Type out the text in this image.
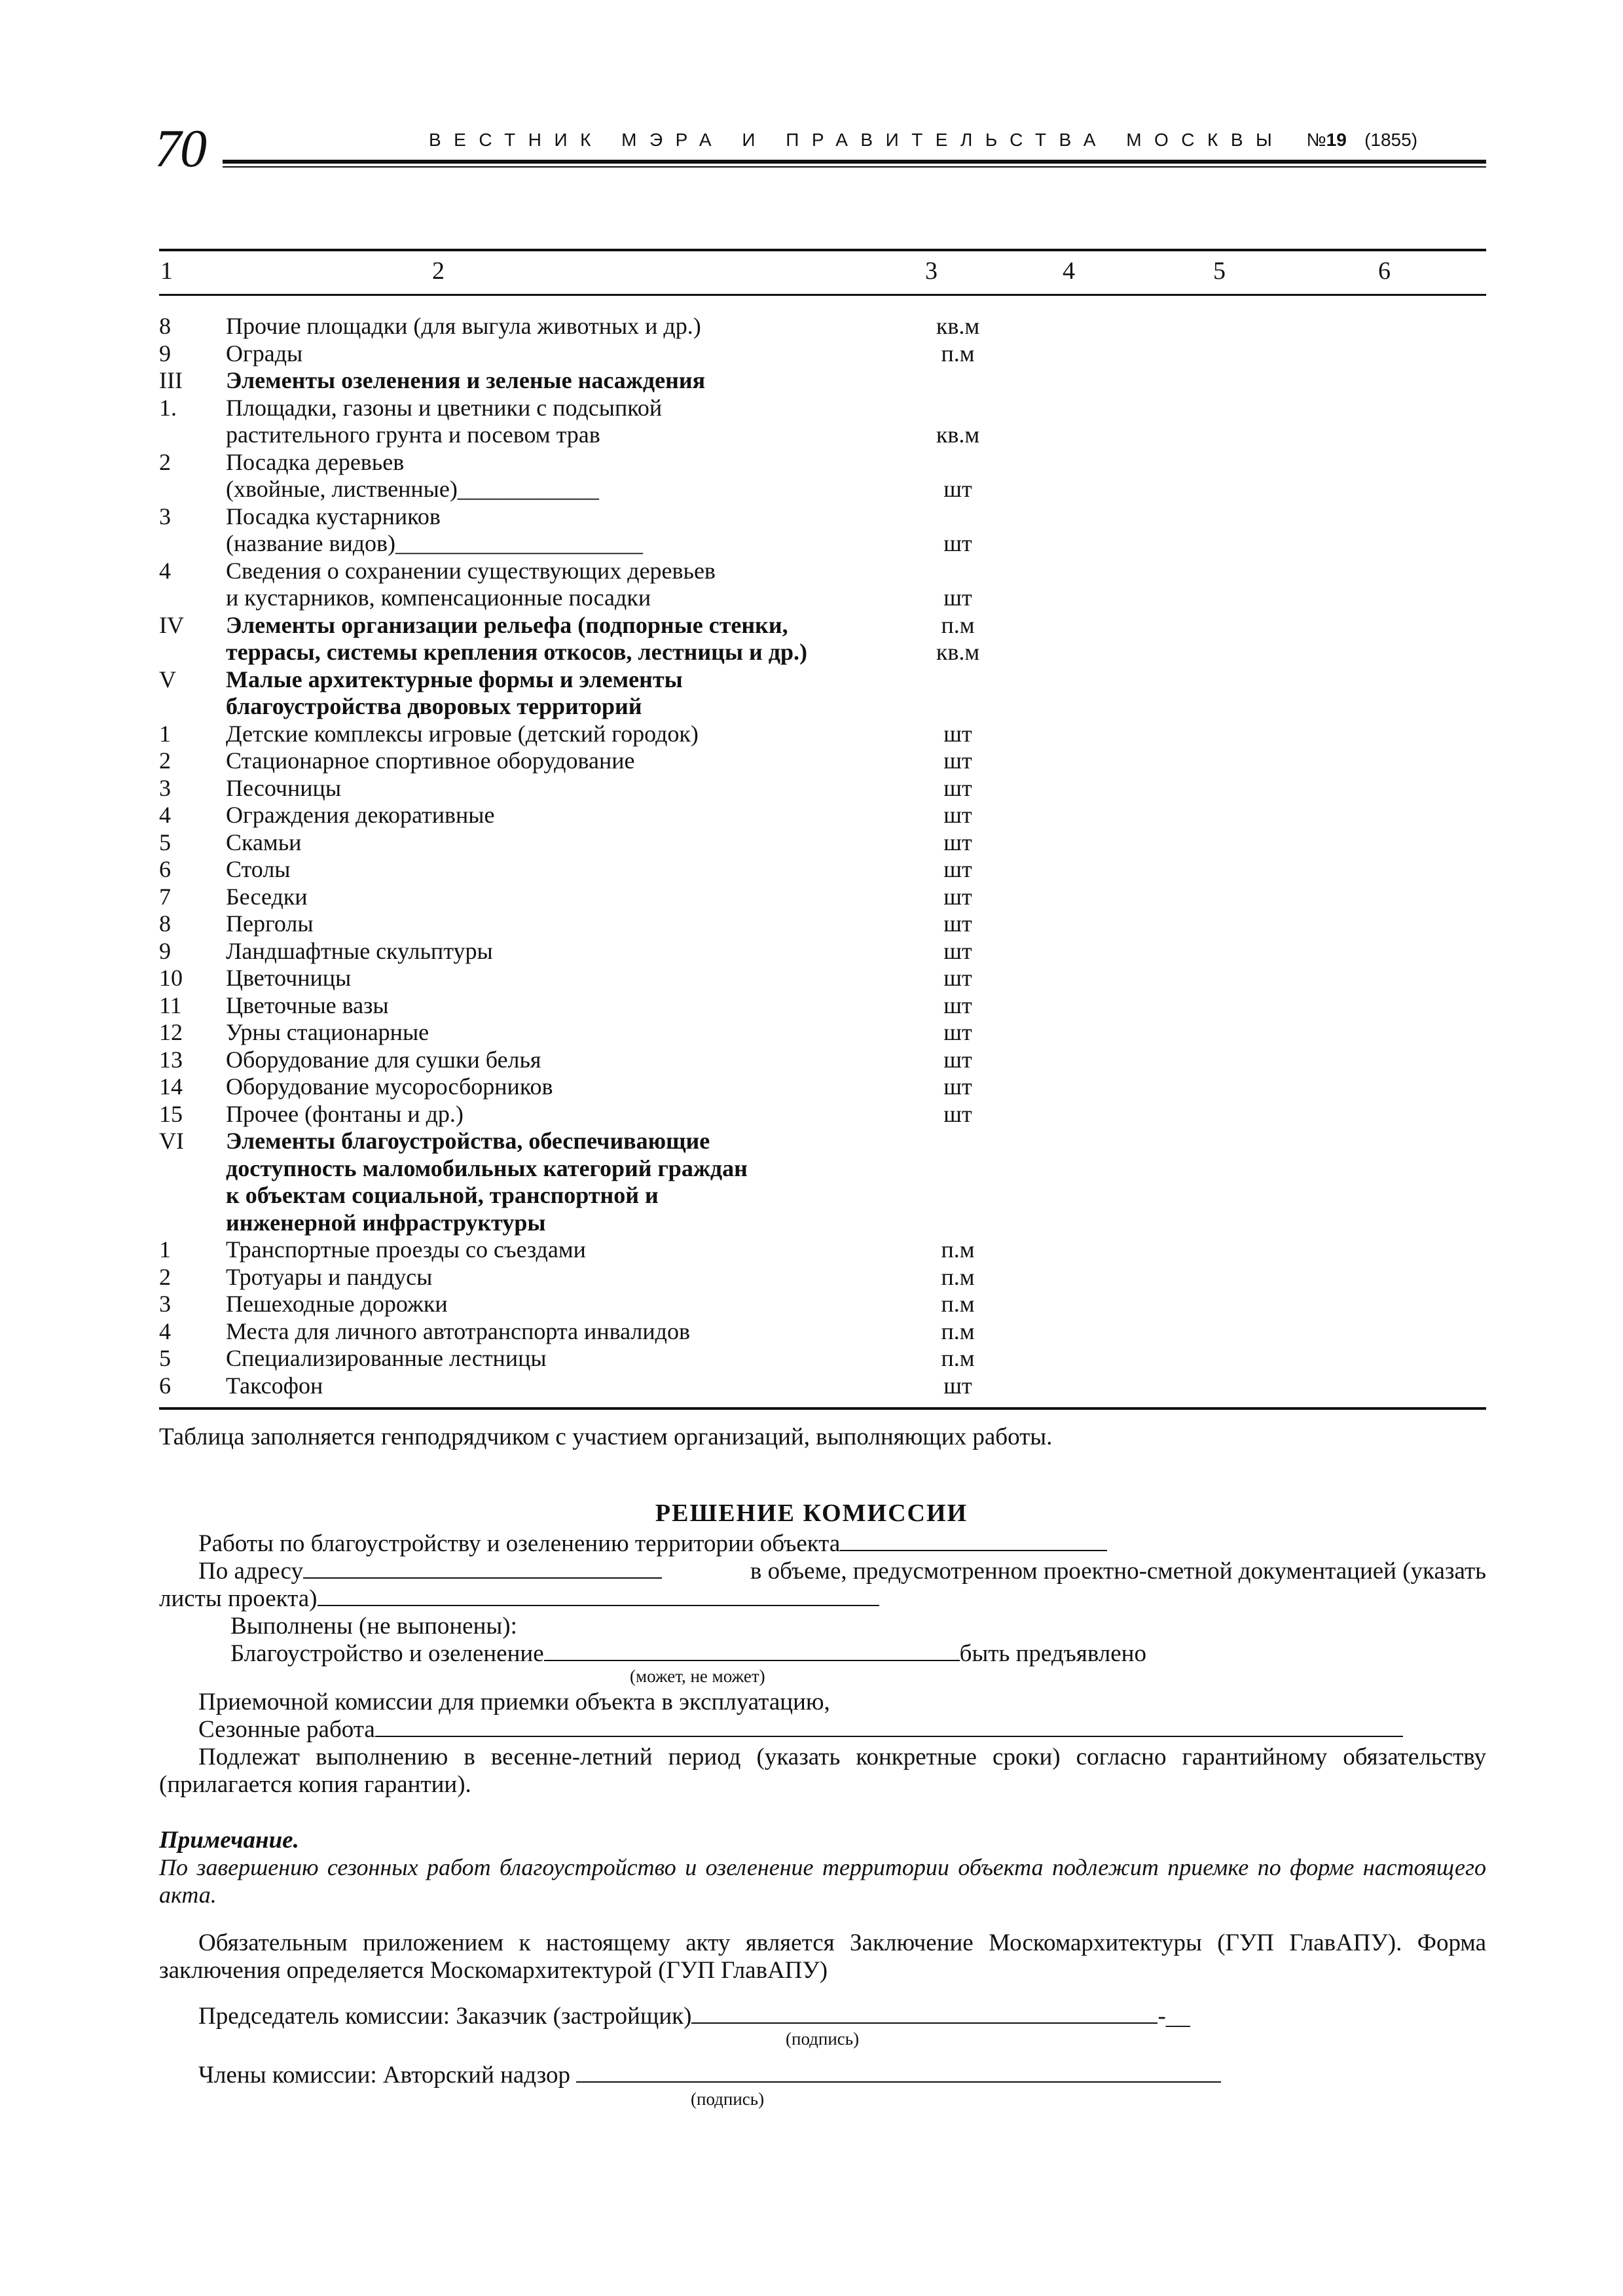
70	ВЕСТНИК МЭРА И ПРАВИТЕЛЬСТВА МОСКВЫ №19 (1855)
1	2	3	4	5	6
8 Прочие площадки (для выгула животных и др.)	кв.м
9 Ограды	п.м
III Элементы озеленения и зеленые насаждения
1. Площадки, газоны и цветники с подсыпкой
растительного грунта и посевом трав	кв.м
2 Посадка деревьев
(хвойные, лиственные)____________	шт
3 Посадка кустарников
(название видов)_____________________	шт
4 Сведения о сохранении существующих деревьев
и кустарников, компенсационные посадки	шт
IV Элементы организации рельефа (подпорные стенки,	п.м
террасы, системы крепления откосов, лестницы и др.)	кв.м
V Малые архитектурные формы и элементы
благоустройства дворовых территорий
1 Детские комплексы игровые (детский городок)	шт
2 Стационарное спортивное оборудование	шт
3 Песочницы	шт
4 Ограждения декоративные	шт
5 Скамьи	шт
6 Столы	шт
7 Беседки	шт
8 Перголы	шт
9 Ландшафтные скульптуры	шт
10 Цветочницы	шт
11 Цветочные вазы	шт
12 Урны стационарные	шт
13 Оборудование для сушки белья	шт
14 Оборудование мусоросборников	шт
15 Прочее (фонтаны и др.)	шт
VI Элементы благоустройства, обеспечивающие
доступность маломобильных категорий граждан
к объектам социальной, транспортной и
инженерной инфраструктуры
1 Транспортные проезды со съездами	п.м
2 Тротуары и пандусы	п.м
3 Пешеходные дорожки	п.м
4 Места для личного автотранспорта инвалидов	п.м
5 Специализированные лестницы	п.м
6 Таксофон	шт
Таблица заполняется генподрядчиком с участием организаций, выполняющих работы.
РЕШЕНИЕ КОМИССИИ
Работы по благоустройству и озеленению территории объекта
По адресу	в объеме, предусмотренном проектно-сметной документацией (указать
листы проекта)
Выполнены (не выпонены):
Благоустройство и озеленение	быть предъявлено
(может, не может)
Приемочной комиссии для приемки объекта в эксплуатацию,
Сезонные работа
Подлежат выполнению в весенне-летний период (указать конкретные сроки) согласно гарантийному обязательству (прилагается копия гарантии).
Примечание.
По завершению сезонных работ благоустройство и озеленение территории объекта подлежит приемке по форме настоящего акта.
Обязательным приложением к настоящему акту является Заключение Москомархитектуры (ГУП ГлавАПУ). Форма заключения определяется Москомархитектурой (ГУП ГлавАПУ)
Председатель комиссии: Заказчик (застройщик)	-__
(подпись)
Члены комиссии: Авторский надзор
(подпись)
